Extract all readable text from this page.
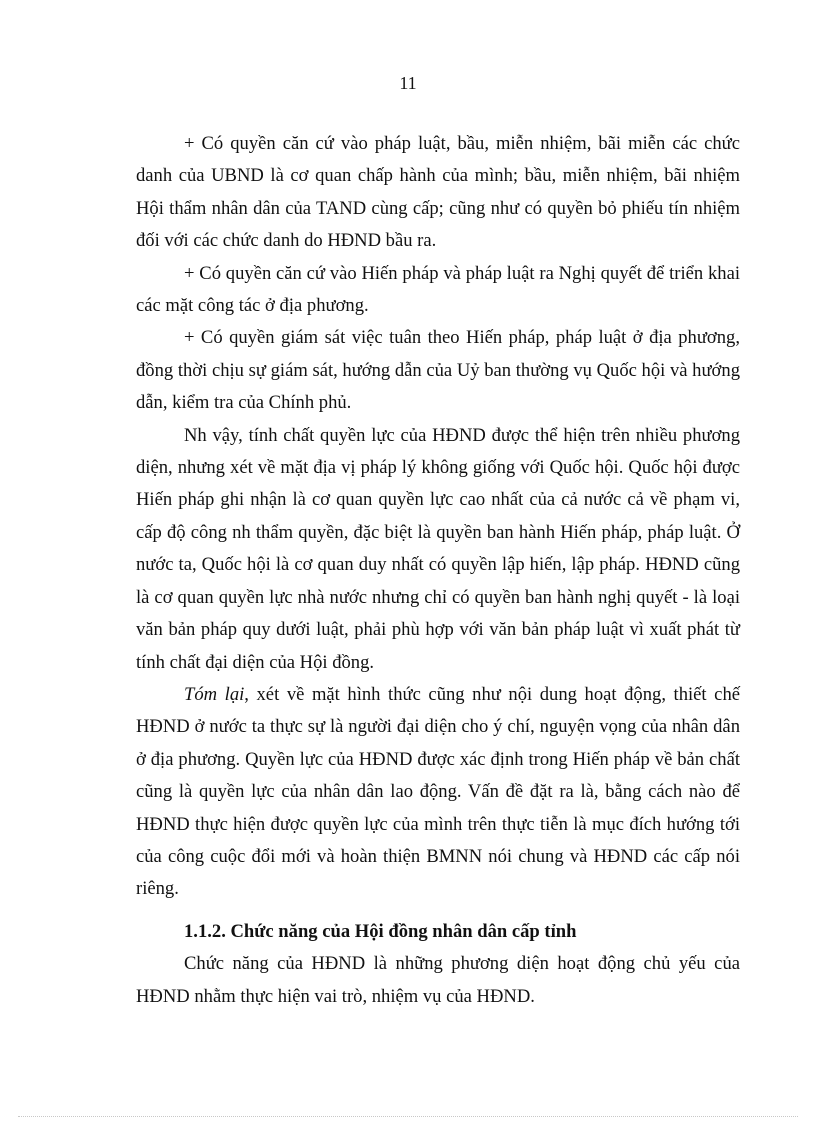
11

+ Có quyền căn cứ vào pháp luật, bầu, miễn nhiệm, bãi miễn các chức danh của UBND là cơ quan chấp hành của mình; bầu, miễn nhiệm, bãi nhiệm Hội thẩm nhân dân của TAND cùng cấp; cũng như có quyền bỏ phiếu tín nhiệm đối với các chức danh do HĐND bầu ra.

+ Có quyền căn cứ vào Hiến pháp và pháp luật ra Nghị quyết để triển khai các mặt công tác ở địa phương.

+ Có quyền giám sát việc tuân theo Hiến pháp, pháp luật ở địa phương, đồng thời chịu sự giám sát, hướng dẫn của Uỷ ban thường vụ Quốc hội và hướng dẫn, kiểm tra của Chính phủ.

Nh vậy, tính chất quyền lực của HĐND được thể hiện trên nhiều phương diện, nhưng xét về mặt địa vị pháp lý không giống với Quốc hội. Quốc hội được Hiến pháp ghi nhận là cơ quan quyền lực cao nhất của cả nước cả về phạm vi, cấp độ công nh thẩm quyền, đặc biệt là quyền ban hành Hiến pháp, pháp luật. Ở nước ta, Quốc hội là cơ quan duy nhất có quyền lập hiến, lập pháp. HĐND cũng là cơ quan quyền lực nhà nước nhưng chỉ có quyền ban hành nghị quyết - là loại văn bản pháp quy dưới luật, phải phù hợp với văn bản pháp luật vì xuất phát từ tính chất đại diện của Hội đồng.

Tóm lại, xét về mặt hình thức cũng như nội dung hoạt động, thiết chế HĐND ở nước ta thực sự là người đại diện cho ý chí, nguyện vọng của nhân dân ở địa phương. Quyền lực của HĐND được xác định trong Hiến pháp về bản chất cũng là quyền lực của nhân dân lao động. Vấn đề đặt ra là, bằng cách nào để HĐND thực hiện được quyền lực của mình trên thực tiễn là mục đích hướng tới của công cuộc đổi mới và hoàn thiện BMNN nói chung và HĐND các cấp nói riêng.

1.1.2. Chức năng của Hội đồng nhân dân cấp tỉnh

Chức năng của HĐND là những phương diện hoạt động chủ yếu của HĐND nhằm thực hiện vai trò, nhiệm vụ của HĐND.
